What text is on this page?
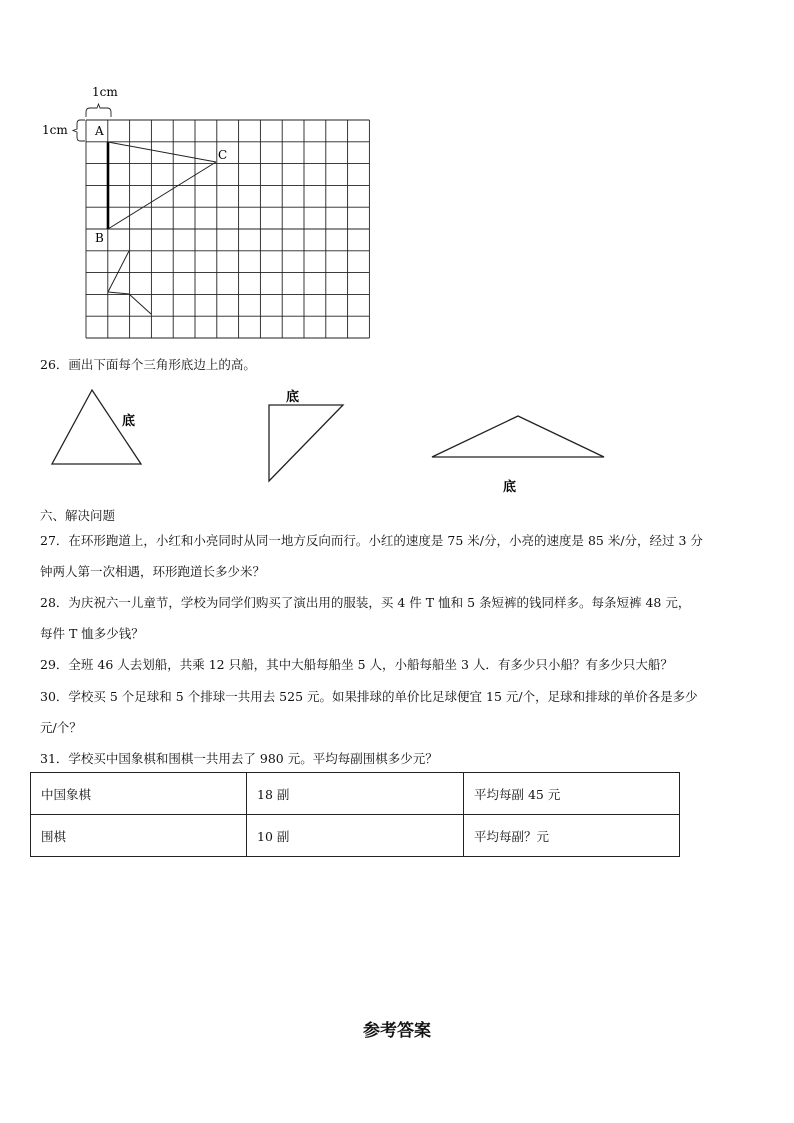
1cm
1cm A
B
C
26．画出下面每个三角形底边上的高。
底
底
底
六、解决问题
27．在环形跑道上，小红和小亮同时从同一地方反向而行。小红的速度是 75 米/分，小亮的速度是 85 米/分，经过 3 分
钟两人第一次相遇，环形跑道长多少米？
28．为庆祝六一儿童节，学校为同学们购买了演出用的服装，买 4 件 T 恤和 5 条短裤的钱同样多。每条短裤 48 元，
每件 T 恤多少钱？
29．全班 46 人去划船，共乘 12 只船，其中大船每船坐 5 人，小船每船坐 3 人．有多少只小船？有多少只大船？
30．学校买 5 个足球和 5 个排球一共用去 525 元。如果排球的单价比足球便宜 15 元/个，足球和排球的单价各是多少
元/个？
31．学校买中国象棋和围棋一共用去了 980 元。平均每副围棋多少元？
中国象棋	18 副	平均每副 45 元
围棋	10 副	平均每副？元
参考答案
